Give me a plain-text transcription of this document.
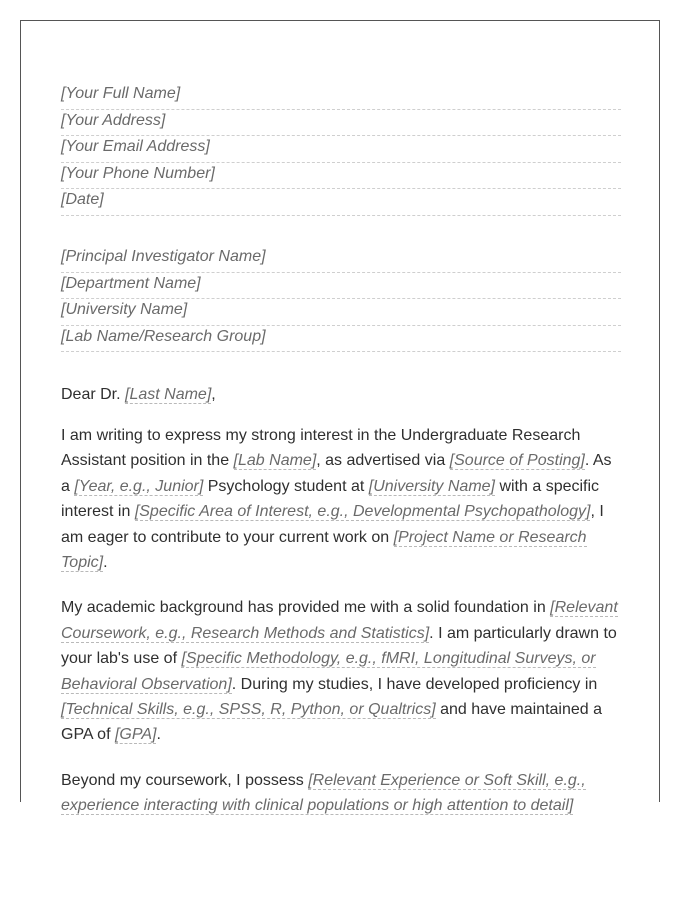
[Your Full Name]
[Your Address]
[Your Email Address]
[Your Phone Number]
[Date]
[Principal Investigator Name]
[Department Name]
[University Name]
[Lab Name/Research Group]

Dear Dr. [Last Name],

I am writing to express my strong interest in the Undergraduate Research Assistant position in the [Lab Name], as advertised via [Source of Posting]. As a [Year, e.g., Junior] Psychology student at [University Name] with a specific interest in [Specific Area of Interest, e.g., Developmental Psychopathology], I am eager to contribute to your current work on [Project Name or Research Topic].

My academic background has provided me with a solid foundation in [Relevant Coursework, e.g., Research Methods and Statistics]. I am particularly drawn to your lab's use of [Specific Methodology, e.g., fMRI, Longitudinal Surveys, or Behavioral Observation]. During my studies, I have developed proficiency in [Technical Skills, e.g., SPSS, R, Python, or Qualtrics] and have maintained a GPA of [GPA].

Beyond my coursework, I possess [Relevant Experience or Soft Skill, e.g., experience interacting with clinical populations or high attention to detail]
